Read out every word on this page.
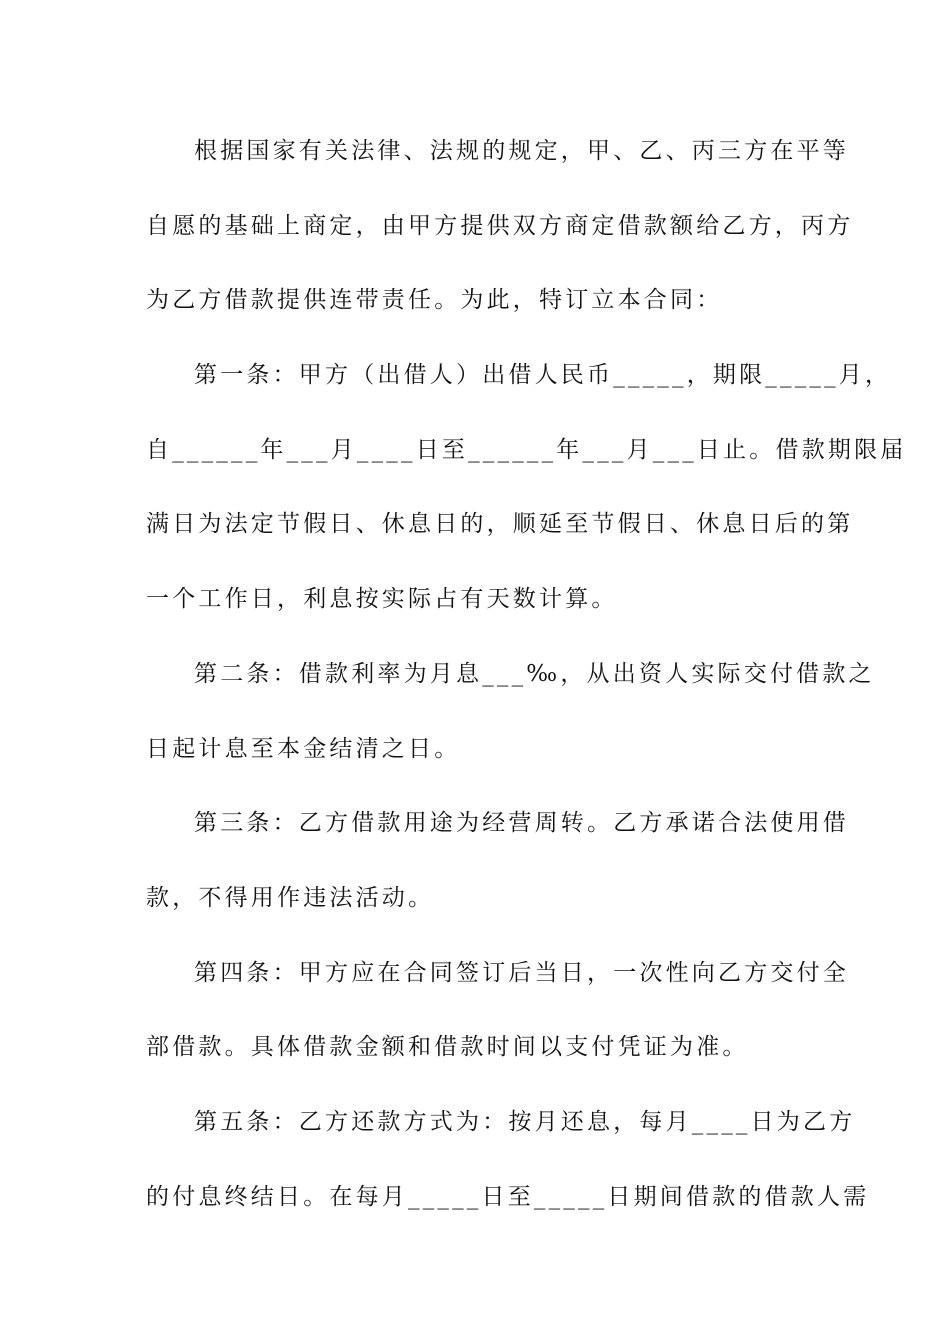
根据国家有关法律、法规的规定，甲、乙、丙三方在平等
自愿的基础上商定，由甲方提供双方商定借款额给乙方，丙方
为乙方借款提供连带责任。为此，特订立本合同：
第一条：甲方（出借人）出借人民币_____，期限_____月，
自______年___月____日至______年___月___日止。借款期限届
满日为法定节假日、休息日的，顺延至节假日、休息日后的第
一个工作日，利息按实际占有天数计算。
第二条：借款利率为月息___‰，从出资人实际交付借款之
日起计息至本金结清之日。
第三条：乙方借款用途为经营周转。乙方承诺合法使用借
款，不得用作违法活动。
第四条：甲方应在合同签订后当日，一次性向乙方交付全
部借款。具体借款金额和借款时间以支付凭证为准。
第五条：乙方还款方式为：按月还息，每月____日为乙方
的付息终结日。在每月_____日至_____日期间借款的借款人需
